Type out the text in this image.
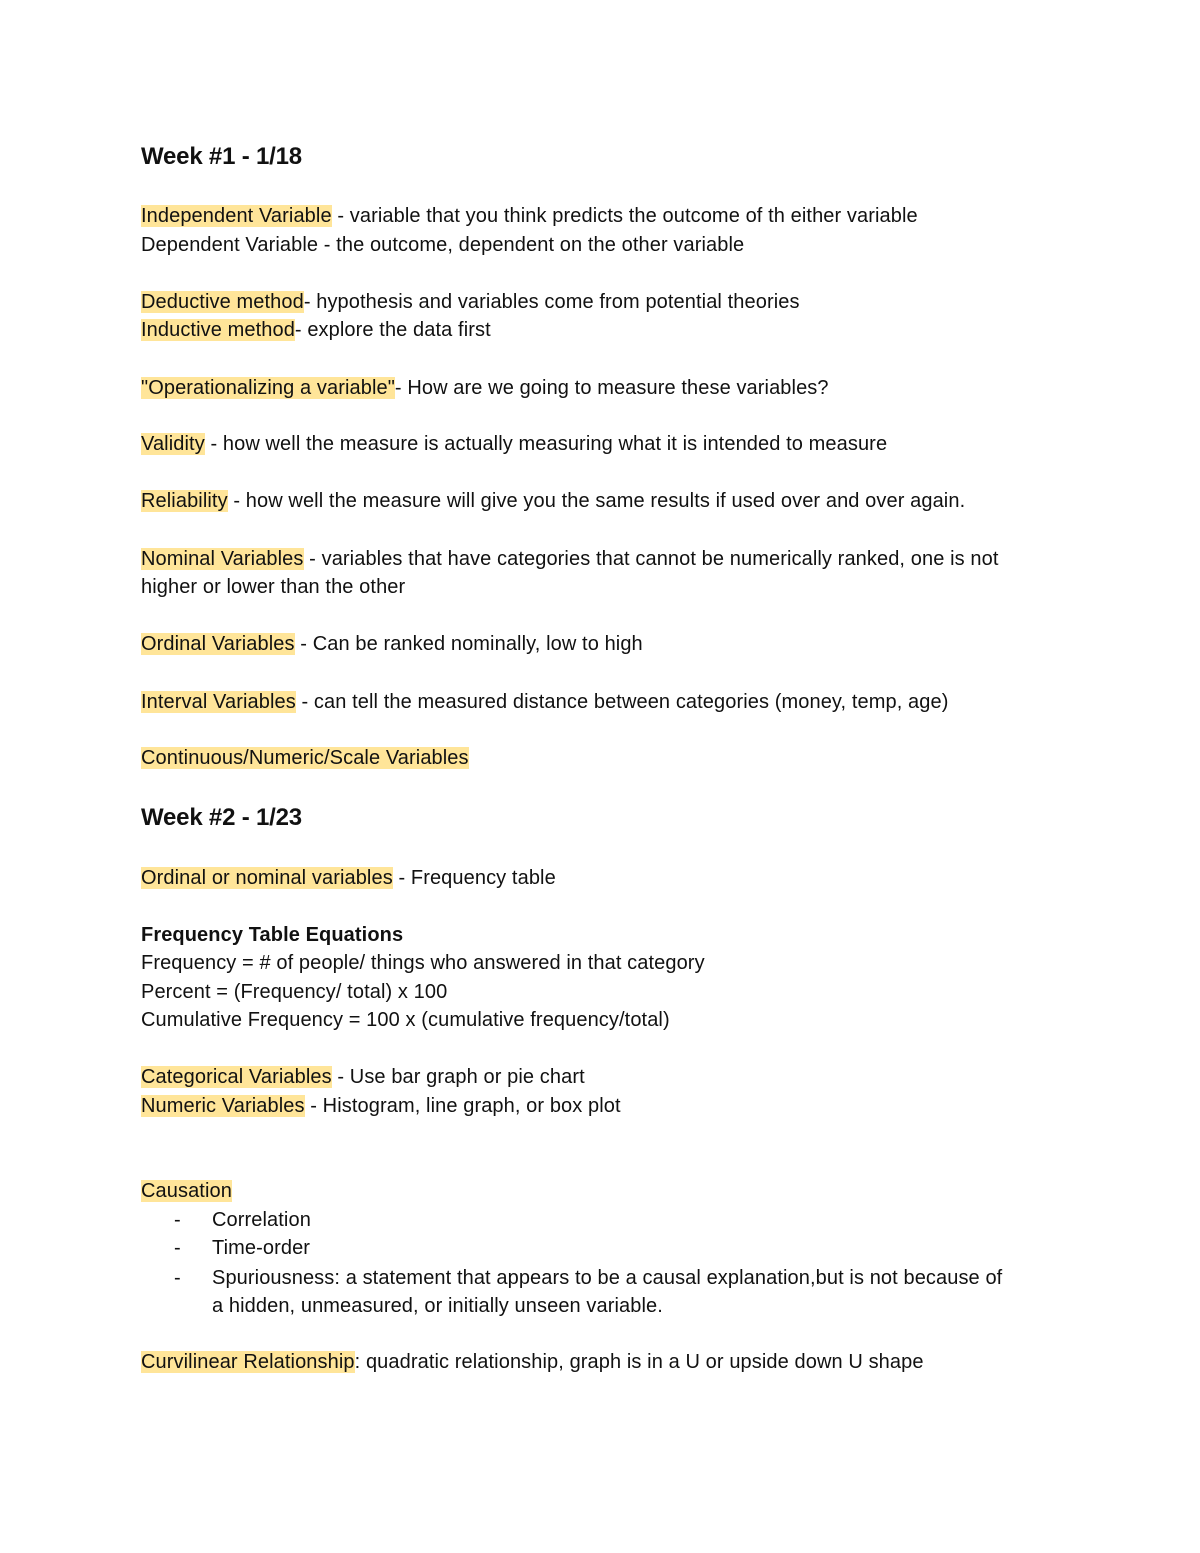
Week #1 - 1/18
Independent Variable - variable that you think predicts the outcome of th either variable
Dependent Variable - the outcome, dependent on the other variable
Deductive method- hypothesis and variables come from potential theories
Inductive method- explore the data first
"Operationalizing a variable"- How are we going to measure these variables?
Validity - how well the measure is actually measuring what it is intended to measure
Reliability - how well the measure will give you the same results if used over and over again.
Nominal Variables - variables that have categories that cannot be numerically ranked, one is not
higher or lower than the other
Ordinal Variables - Can be ranked nominally, low to high
Interval Variables - can tell the measured distance between categories (money, temp, age)
Continuous/Numeric/Scale Variables
Week #2 - 1/23
Ordinal or nominal variables - Frequency table
Frequency Table Equations
Frequency = # of people/ things who answered in that category
Percent = (Frequency/ total) x 100
Cumulative Frequency = 100 x (cumulative frequency/total)
Categorical Variables - Use bar graph or pie chart
Numeric Variables - Histogram, line graph, or box plot
Causation
- Correlation
- Time-order
- Spuriousness: a statement that appears to be a causal explanation,but is not because of
a hidden, unmeasured, or initially unseen variable.
Curvilinear Relationship: quadratic relationship, graph is in a U or upside down U shape
